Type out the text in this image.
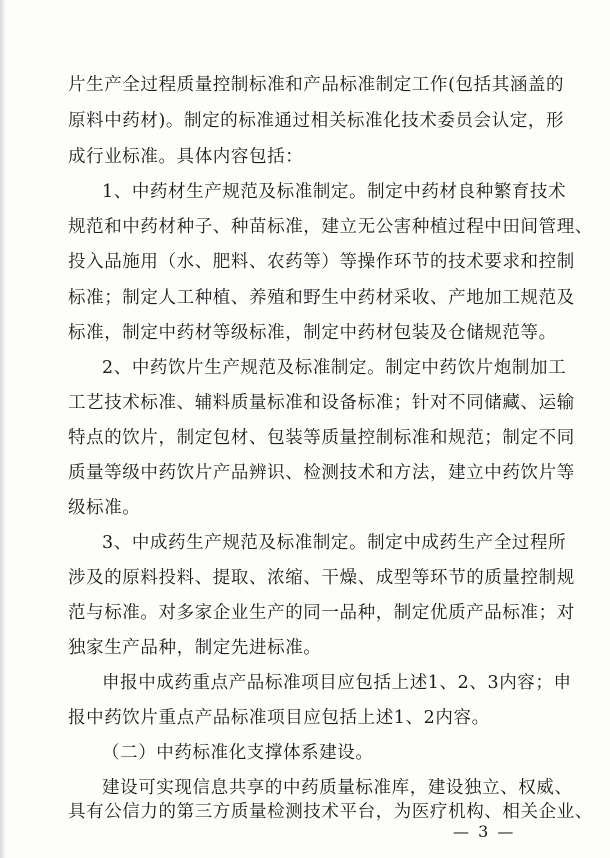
片生产全过程质量控制标准和产品标准制定工作(包括其涵盖的
原料中药材)。制定的标准通过相关标准化技术委员会认定，形
成行业标准。具体内容包括：
1、中药材生产规范及标准制定。制定中药材良种繁育技术
规范和中药材种子、种苗标准，建立无公害种植过程中田间管理、
投入品施用（水、肥料、农药等）等操作环节的技术要求和控制
标准；制定人工种植、养殖和野生中药材采收、产地加工规范及
标准，制定中药材等级标准，制定中药材包装及仓储规范等。
2、中药饮片生产规范及标准制定。制定中药饮片炮制加工
工艺技术标准、辅料质量标准和设备标准；针对不同储藏、运输
特点的饮片，制定包材、包装等质量控制标准和规范；制定不同
质量等级中药饮片产品辨识、检测技术和方法，建立中药饮片等
级标准。
3、中成药生产规范及标准制定。制定中成药生产全过程所
涉及的原料投料、提取、浓缩、干燥、成型等环节的质量控制规
范与标准。对多家企业生产的同一品种，制定优质产品标准；对
独家生产品种，制定先进标准。
申报中成药重点产品标准项目应包括上述1、2、3内容；申
报中药饮片重点产品标准项目应包括上述1、2内容。
（二）中药标准化支撑体系建设。
建设可实现信息共享的中药质量标准库，建设独立、权威、
具有公信力的第三方质量检测技术平台，为医疗机构、相关企业、
— 3 —
